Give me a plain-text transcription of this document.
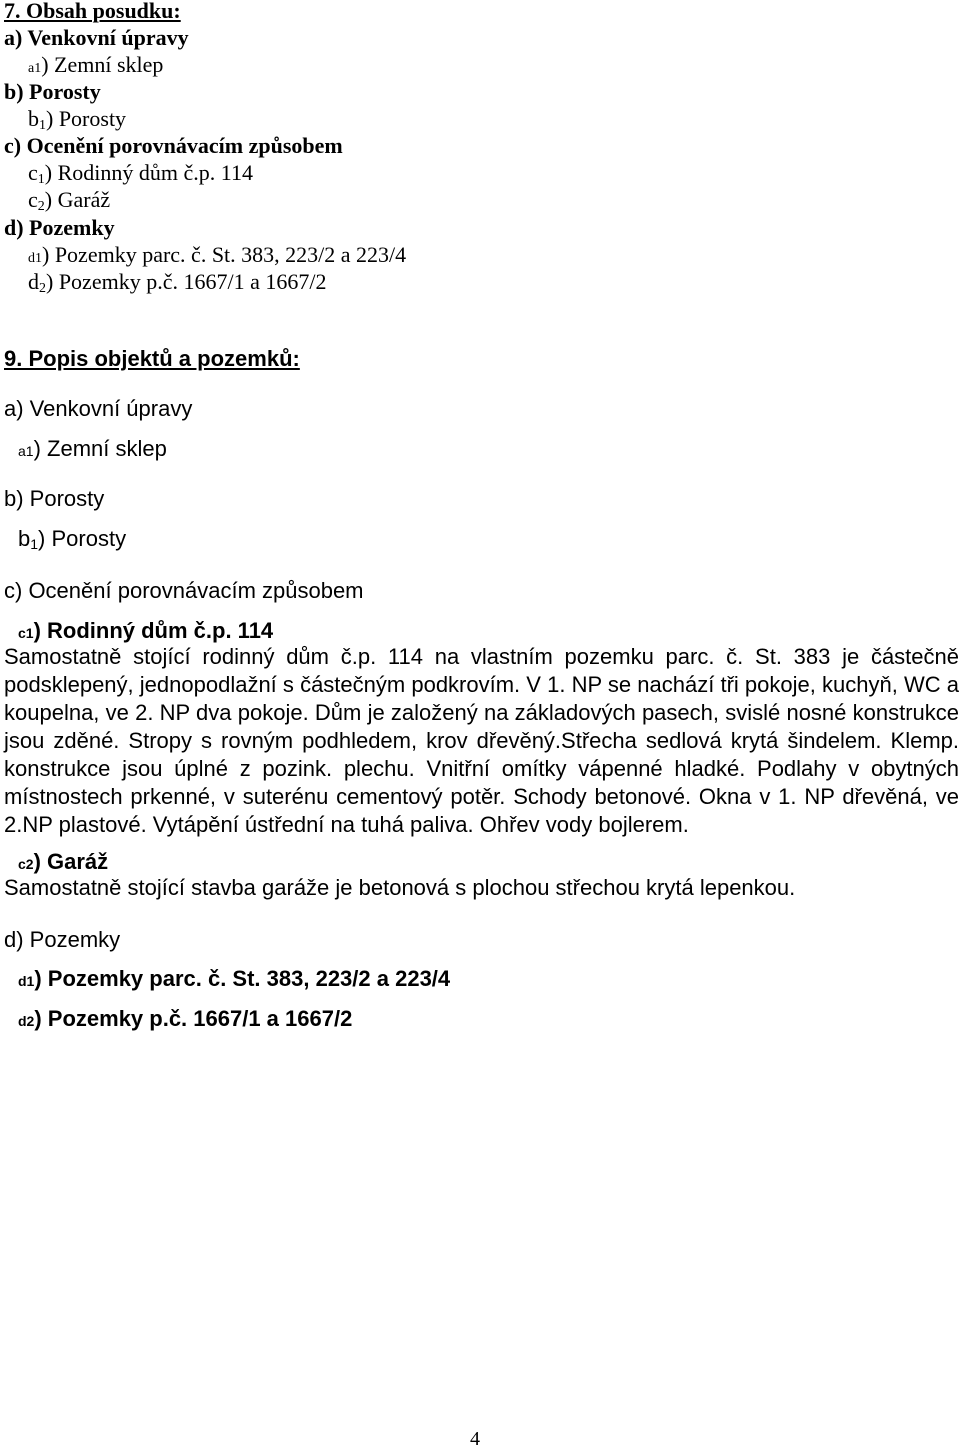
7. Obsah posudku:
a) Venkovní úpravy
a1) Zemní sklep
b) Porosty
$b_1$) Porosty
c) Ocenění porovnávacím způsobem
$c_1$) Rodinný dům č.p. 114
$c_2$) Garáž
d) Pozemky
d1) Pozemky parc. č. St. 383, 223/2 a 223/4
$d_2$) Pozemky p.č. 1667/1 a 1667/2
9. Popis objektů a pozemků:
a) Venkovní úpravy
a1) Zemní sklep
b) Porosty
$b_1$) Porosty
c) Ocenění porovnávacím způsobem
c1) Rodinný dům č.p. 114
Samostatně stojící rodinný dům č.p. 114 na vlastním pozemku parc. č. St. 383 je částečně
podsklepený, jednopodlažní s částečným podkrovím. V 1. NP se nachází tři pokoje, kuchyň, WC a
koupelna, ve 2. NP dva pokoje. Dům je založený na základových pasech, svislé nosné konstrukce
jsou zděné. Stropy s rovným podhledem, krov dřevěný.Střecha sedlová krytá šindelem. Klemp.
konstrukce jsou úplné z pozink. plechu. Vnitřní omítky vápenné hladké. Podlahy v obytných
místnostech prkenné, v suterénu cementový potěr. Schody betonové. Okna v 1. NP dřevěná, ve
2.NP plastové. Vytápění ústřední na tuhá paliva. Ohřev vody bojlerem.
c2) Garáž
Samostatně stojící stavba garáže je betonová s plochou střechou krytá lepenkou.
d) Pozemky
d1) Pozemky parc. č. St. 383, 223/2 a 223/4
d2) Pozemky p.č. 1667/1 a 1667/2
4
